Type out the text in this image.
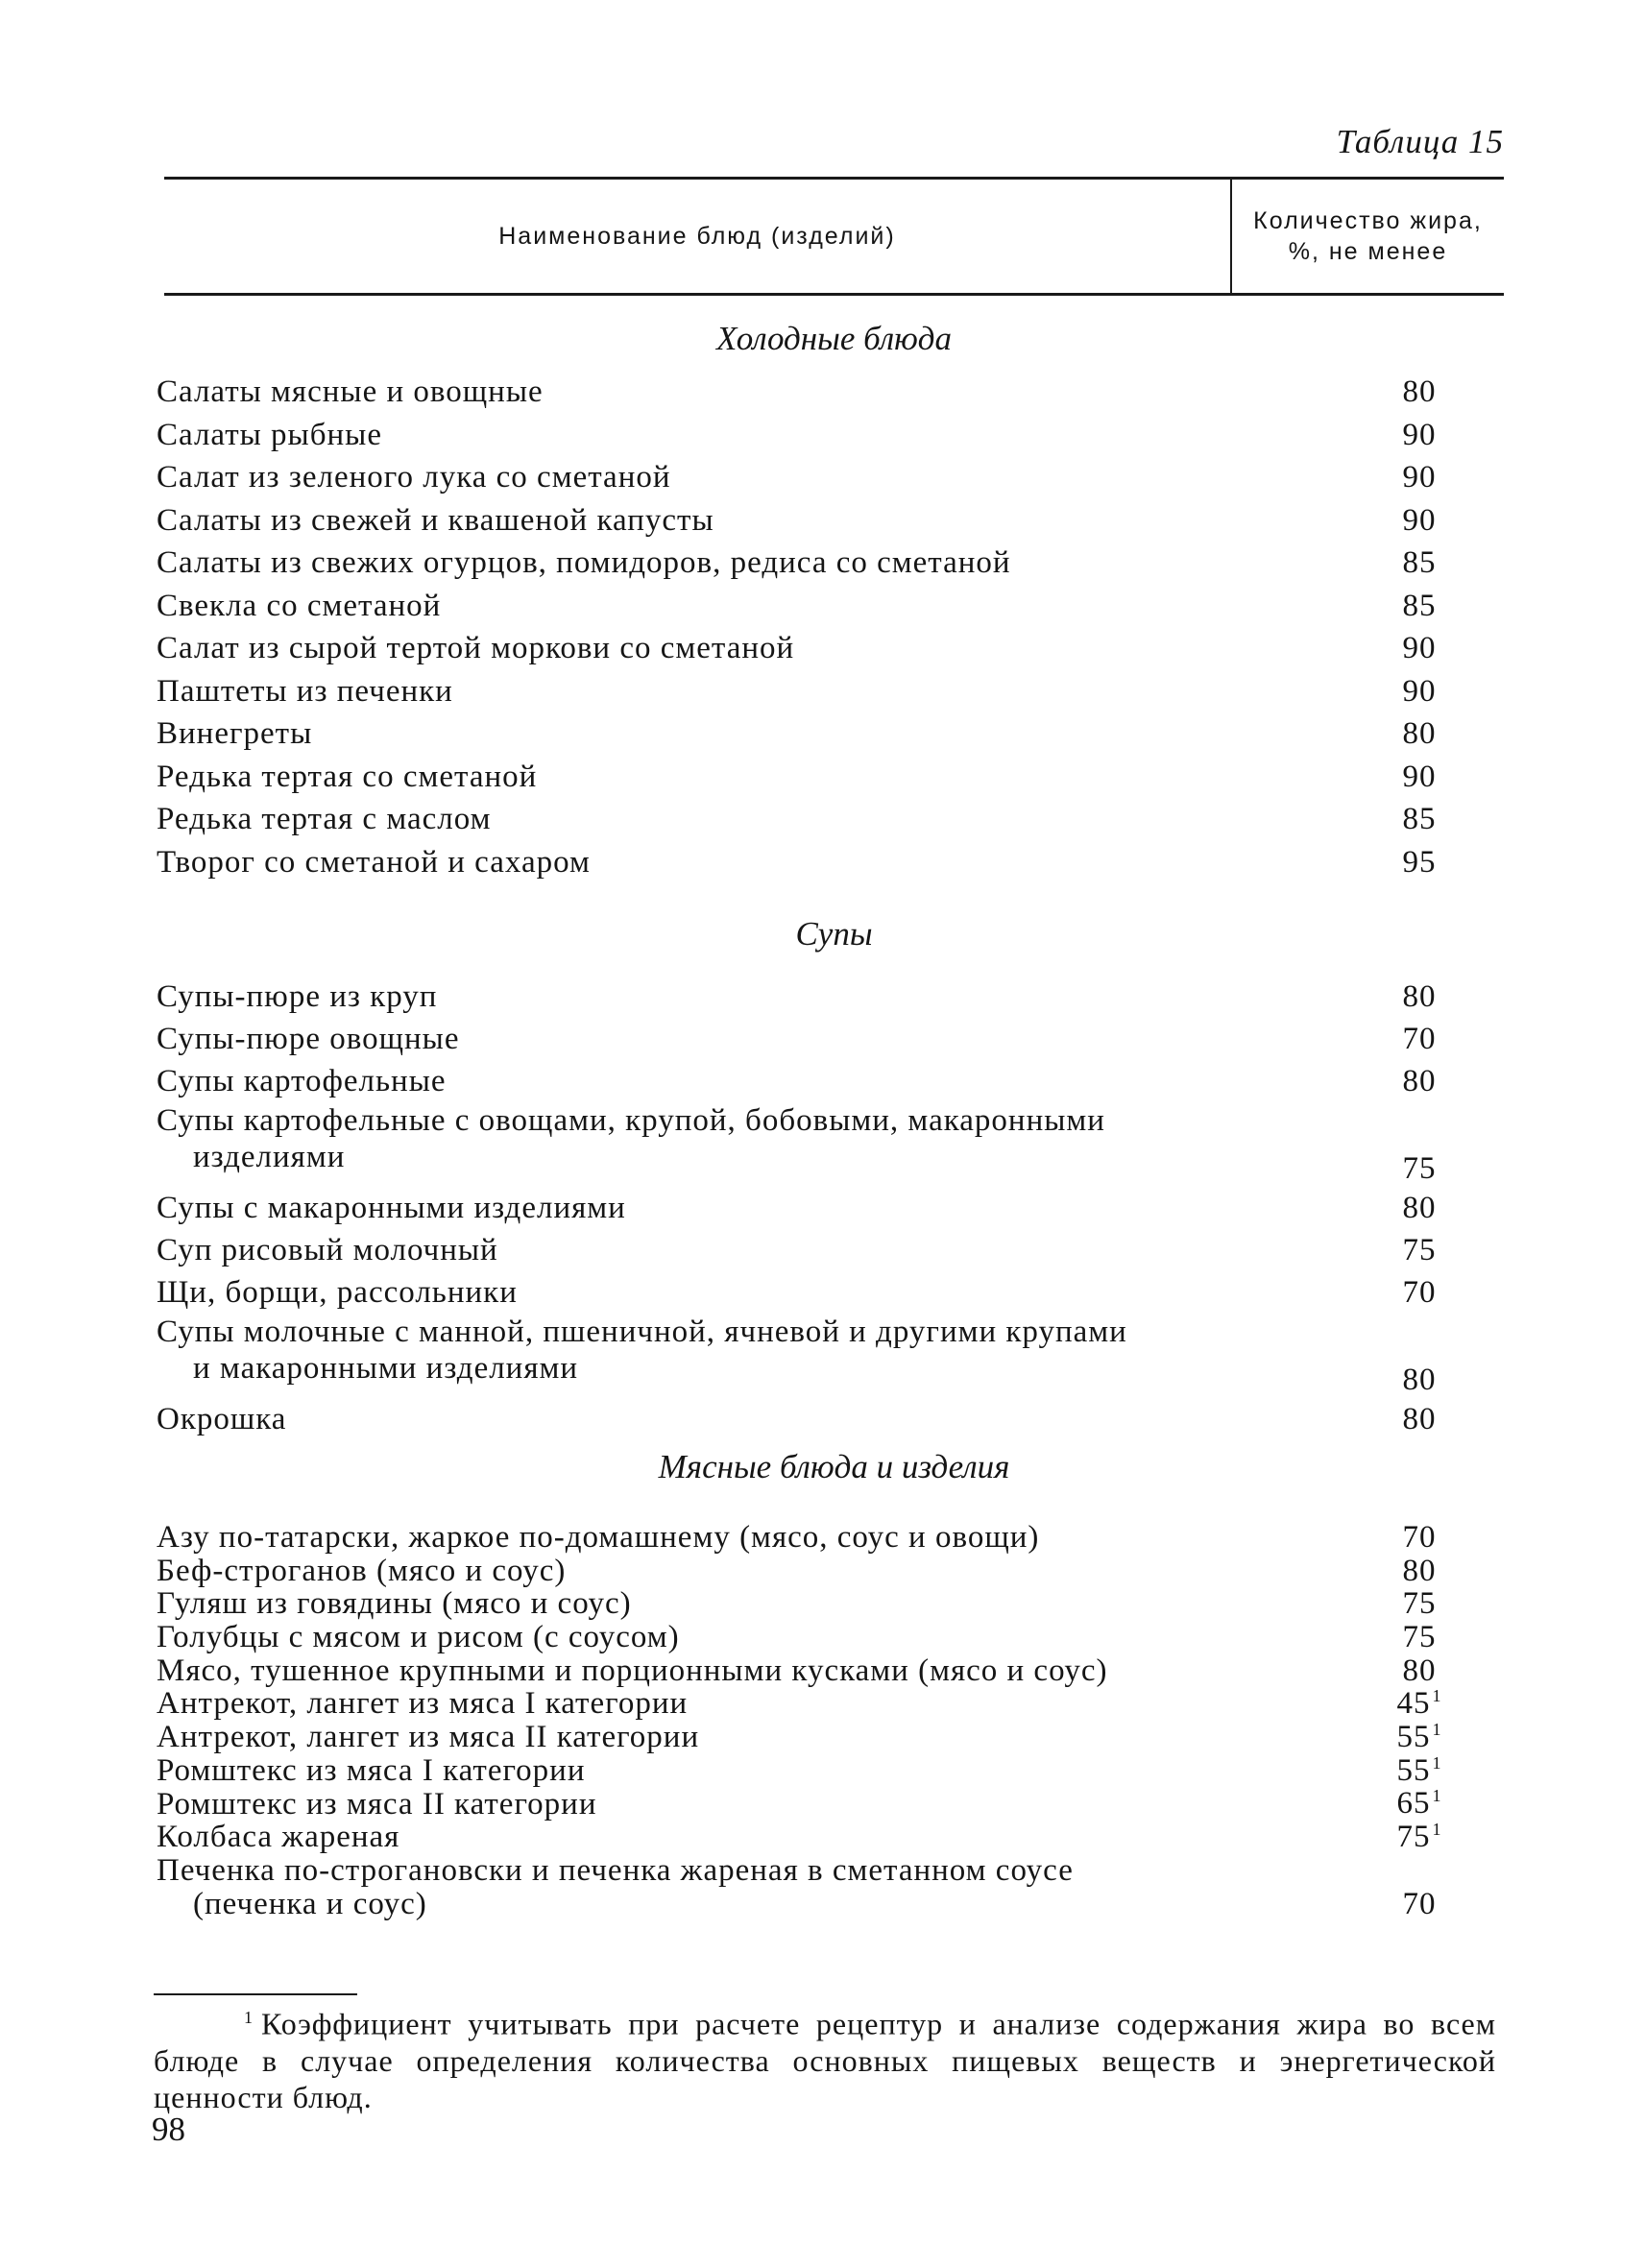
Таблица 15
Наименование блюд (изделий)
Количество жира,
%, не менее
Холодные блюда
Салаты мясные и овощные	80
Салаты рыбные	90
Салат из зеленого лука со сметаной	90
Салаты из свежей и квашеной капусты	90
Салаты из свежих огурцов, помидоров, редиса со сметаной	85
Свекла со сметаной	85
Салат из сырой тертой моркови со сметаной	90
Паштеты из печенки	90
Винегреты	80
Редька тертая со сметаной	90
Редька тертая с маслом	85
Творог со сметаной и сахаром	95
Супы
Супы-пюре из круп	80
Супы-пюре овощные	70
Супы картофельные	80
Супы картофельные с овощами, крупой, бобовыми, макаронными
изделиями	75
Супы с макаронными изделиями	80
Суп рисовый молочный	75
Щи, борщи, рассольники	70
Супы молочные с манной, пшеничной, ячневой и другими крупами
и макаронными изделиями	80
Окрошка	80
Мясные блюда и изделия
Азу по-татарски, жаркое по-домашнему (мясо, соус и овощи)	70
Беф-строганов (мясо и соус)	80
Гуляш из говядины (мясо и соус)	75
Голубцы с мясом и рисом (с соусом)	75
Мясо, тушенное крупными и порционными кусками (мясо и соус)	80
Антрекот, лангет из мяса I категории	45 $^1$
Антрекот, лангет из мяса II категории	55 $^1$
Ромштекс из мяса I категории	55 $^1$
Ромштекс из мяса II категории	65 $^1$
Колбаса жареная	75 $^1$
Печенка по-строгановски и печенка жареная в сметанном соусе
(печенка и соус)	70
$^1$ Коэффициент учитывать при расчете рецептур и анализе содержания жира во всем блюде в случае определения количества основных пищевых веществ и энергетической ценности блюд.
98
